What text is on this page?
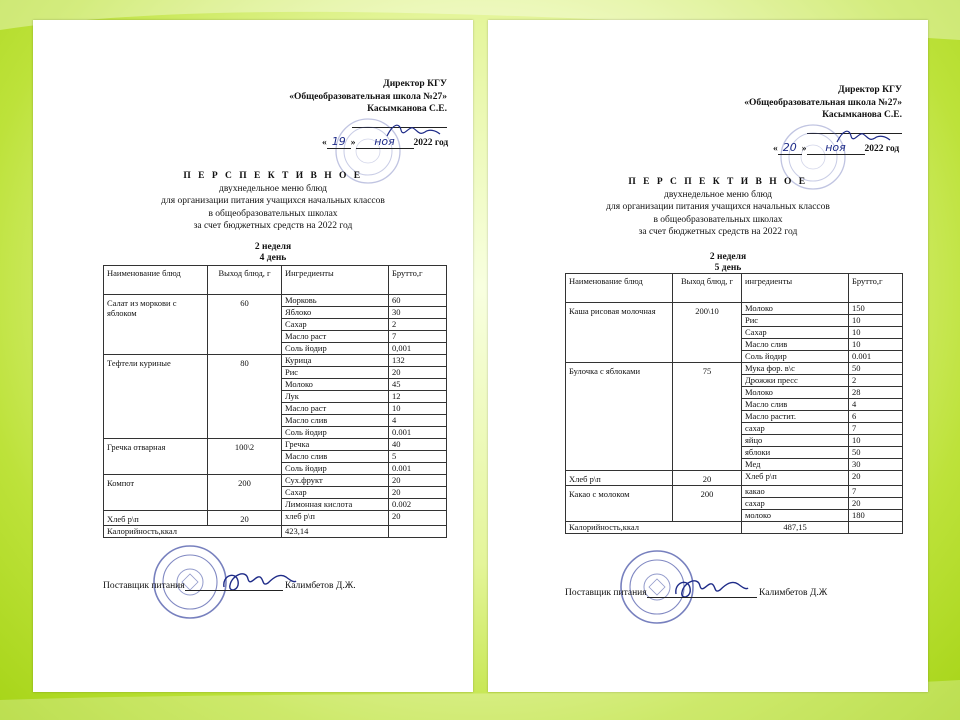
Директор КГУ
«Общеобразовательная школа №27»
Касымканова С.Е.
« 19 » ноя 2022 год
П Е Р С П Е К Т И В Н О Е
двухнедельное меню блюд
для организации питания учащихся начальных классов
в общеобразовательных школах
за счет бюджетных средств на 2022 год
2 неделя
4 день
Наименование блюд	Выход блюд, г	Ингредиенты	Брутто,г
Салат из моркови с яблоком	60	Морковь	60
		Яблоко	30
		Сахар	2
		Масло раст	7
		Соль йодир	0,001
Тефтели куриные	80	Курица	132
		Рис	20
		Молоко	45
		Лук	12
		Масло раст	10
		Масло слив	4
		Соль йодир	0.001
Гречка отварная	100\2	Гречка	40
		Масло слив	5
		Соль йодир	0.001
Компот	200	Сух.фрукт	20
		Сахар	20
		Лимонная кислота	0.002
Хлеб р\п	20	хлеб р\п	20
Калорийность,ккал		423,14	
Поставщик питания	Калимбетов Д.Ж.
Директор КГУ
«Общеобразовательная школа №27»
Касымканова С.Е.
« 20 » ноя 2022 год
П Е Р С П Е К Т И В Н О Е
двухнедельное меню блюд
для организации питания учащихся начальных классов
в общеобразовательных школах
за счет бюджетных средств на 2022 год
2 неделя
5 день
Наименование блюд	Выход блюд, г	ингредиенты	Брутто,г
Каша рисовая молочная	200\10	Молоко	150
		Рис	10
		Сахар	10
		Масло слив	10
		Соль йодир	0.001
Булочка с яблоками	75	Мука фор. в\с	50
		Дрожжи пресс	2
		Молоко	28
		Масло слив	4
		Масло растит.	6
		сахар	7
		яйцо	10
		яблоки	50
		Мед	30
Хлеб р\п	20	Хлеб р\п	20
Какао с молоком	200	какао	7
		сахар	20
		молоко	180
Калорийность,ккал		487,15	
Поставщик питания	Калимбетов Д.Ж
